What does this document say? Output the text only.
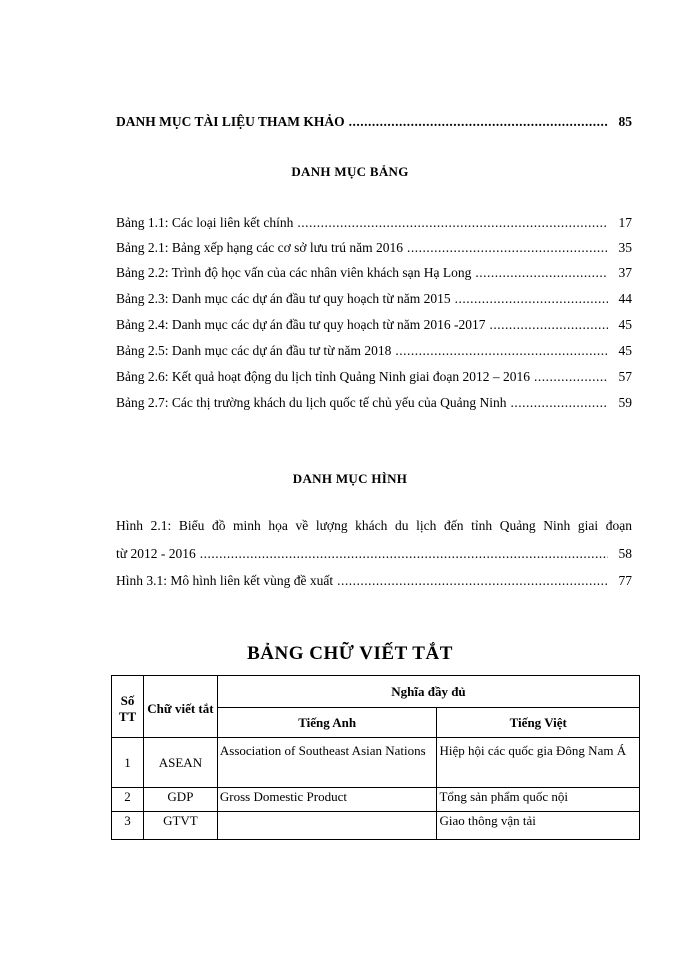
DANH MỤC TÀI LIỆU THAM KHẢO .....	85
DANH MỤC BẢNG
Bảng 1.1: Các loại liên kết chính .....	17
Bảng 2.1: Bảng xếp hạng các cơ sở lưu trú năm 2016 .....	35
Bảng 2.2: Trình độ học vấn của các nhân viên khách sạn Hạ Long .....	37
Bảng 2.3: Danh mục các dự án đầu tư quy hoạch từ năm 2015 .....	44
Bảng 2.4: Danh mục các dự án đầu tư quy hoạch từ năm 2016 -2017 .....	45
Bảng 2.5: Danh mục các dự án đầu tư từ năm 2018 .....	45
Bảng 2.6: Kết quả hoạt động du lịch tỉnh Quảng Ninh giai đoạn 2012 – 2016 .....	57
Bảng 2.7: Các thị trường khách du lịch quốc tế chủ yếu của Quảng Ninh .....	59
DANH MỤC HÌNH
Hình 2.1: Biểu đồ minh họa về lượng khách du lịch đến tỉnh Quảng Ninh giai đoạn
từ 2012 - 2016 .....	58
Hình 3.1: Mô hình liên kết vùng đề xuất .....	77
BẢNG CHỮ VIẾT TẮT
Số TT	Chữ viết tắt	Nghĩa đầy đủ	
		Tiếng Anh	Tiếng Việt
1	ASEAN	Association of Southeast Asian Nations	Hiệp hội các quốc gia Đông Nam Á
2	GDP	Gross Domestic Product	Tổng sản phẩm quốc nội
3	GTVT		Giao thông vận tải
